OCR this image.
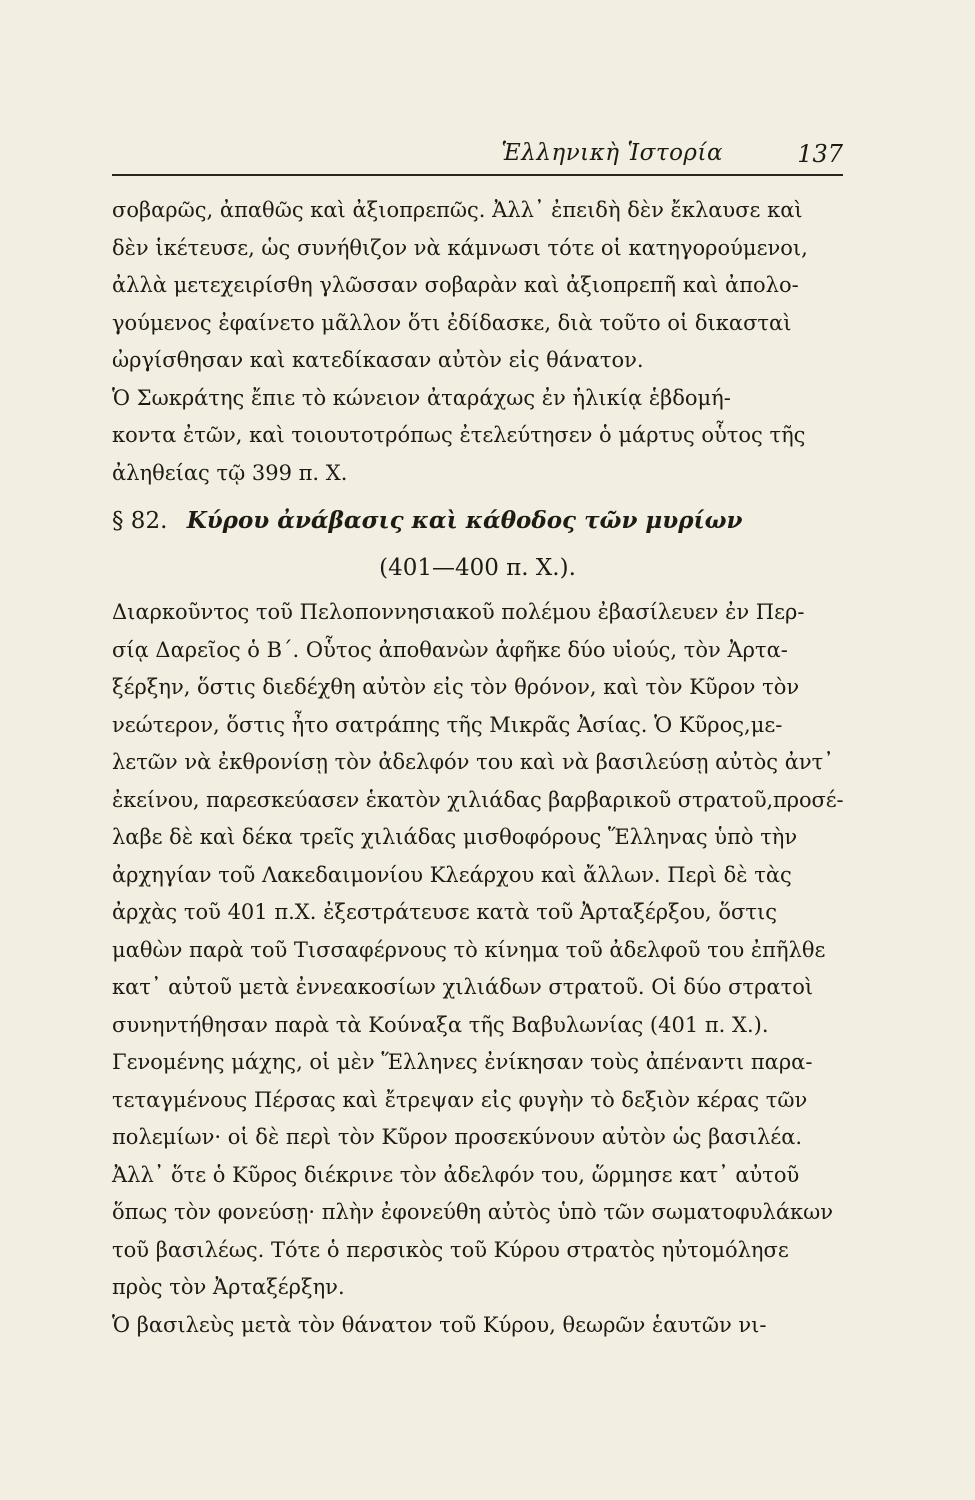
Ἑλληνικὴ Ἱστορία	137
σοβαρῶς, ἀπαθῶς καὶ ἀξιοπρεπῶς. Ἀλλ᾽ ἐπειδὴ δὲν ἔκλαυσε καὶ
δὲν ἱκέτευσε, ὡς συνήθιζον νὰ κάμνωσι τότε οἱ κατηγορούμενοι,
ἀλλὰ μετεχειρίσθη γλῶσσαν σοβαρὰν καὶ ἀξιοπρεπῆ καὶ ἀπολο-
γούμενος ἐφαίνετο μᾶλλον ὅτι ἐδίδασκε, διὰ τοῦτο οἱ δικασταὶ
ὠργίσθησαν καὶ κατεδίκασαν αὐτὸν εἰς θάνατον.
Ὁ Σωκράτης ἔπιε τὸ κώνειον ἀταράχως ἐν ἡλικίᾳ ἑβδομή-
κοντα ἐτῶν, καὶ τοιουτοτρόπως ἐτελεύτησεν ὁ μάρτυς οὗτος τῆς
ἀληθείας τῷ 399 π. Χ.
§ 82. Κύρου ἀνάβασις καὶ κάθοδος τῶν μυρίων
(401—400 π. Χ.).
Διαρκοῦντος τοῦ Πελοποννησιακοῦ πολέμου ἐβασίλευεν ἐν Περ-
σίᾳ Δαρεῖος ὁ Β΄. Οὗτος ἀποθανὼν ἀφῆκε δύο υἱούς, τὸν Ἀρτα-
ξέρξην, ὅστις διεδέχθη αὐτὸν εἰς τὸν θρόνον, καὶ τὸν Κῦρον τὸν
νεώτερον, ὅστις ἦτο σατράπης τῆς Μικρᾶς Ἀσίας. Ὁ Κῦρος,με-
λετῶν νὰ ἐκθρονίσῃ τὸν ἀδελφόν του καὶ νὰ βασιλεύσῃ αὐτὸς ἀντ᾽
ἐκείνου, παρεσκεύασεν ἑκατὸν χιλιάδας βαρβαρικοῦ στρατοῦ,προσέ-
λαβε δὲ καὶ δέκα τρεῖς χιλιάδας μισθοφόρους Ἕλληνας ὑπὸ τὴν
ἀρχηγίαν τοῦ Λακεδαιμονίου Κλεάρχου καὶ ἄλλων. Περὶ δὲ τὰς
ἀρχὰς τοῦ 401 π.Χ. ἐξεστράτευσε κατὰ τοῦ Ἀρταξέρξου, ὅστις
μαθὼν παρὰ τοῦ Τισσαφέρνους τὸ κίνημα τοῦ ἀδελφοῦ του ἐπῆλθε
κατ᾽ αὐτοῦ μετὰ ἐννεακοσίων χιλιάδων στρατοῦ. Οἱ δύο στρατοὶ
συνηντήθησαν παρὰ τὰ Κούναξα τῆς Βαβυλωνίας (401 π. Χ.).
Γενομένης μάχης, οἱ μὲν Ἕλληνες ἐνίκησαν τοὺς ἀπέναντι παρα-
τεταγμένους Πέρσας καὶ ἔτρεψαν εἰς φυγὴν τὸ δεξιὸν κέρας τῶν
πολεμίων· οἱ δὲ περὶ τὸν Κῦρον προσεκύνουν αὐτὸν ὡς βασιλέα.
Ἀλλ᾽ ὅτε ὁ Κῦρος διέκρινε τὸν ἀδελφόν του, ὥρμησε κατ᾽ αὐτοῦ
ὅπως τὸν φονεύσῃ· πλὴν ἐφονεύθη αὐτὸς ὑπὸ τῶν σωματοφυλάκων
τοῦ βασιλέως. Τότε ὁ περσικὸς τοῦ Κύρου στρατὸς ηὐτομόλησε
πρὸς τὸν Ἀρταξέρξην.
Ὁ βασιλεὺς μετὰ τὸν θάνατον τοῦ Κύρου, θεωρῶν ἑαυτῶν νι-
